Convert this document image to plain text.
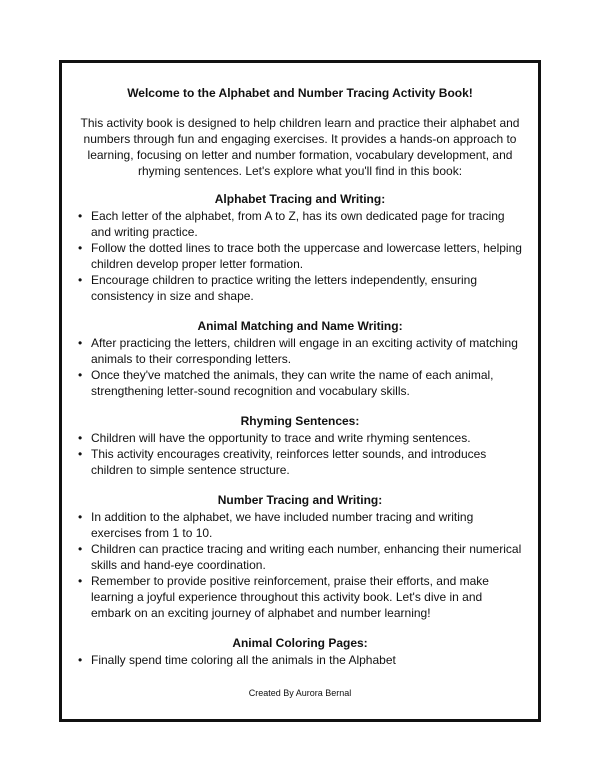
Welcome to the Alphabet and Number Tracing Activity Book!

This activity book is designed to help children learn and practice their alphabet and numbers through fun and engaging exercises. It provides a hands-on approach to learning, focusing on letter and number formation, vocabulary development, and rhyming sentences. Let's explore what you'll find in this book:

Alphabet Tracing and Writing:
• Each letter of the alphabet, from A to Z, has its own dedicated page for tracing and writing practice.
• Follow the dotted lines to trace both the uppercase and lowercase letters, helping children develop proper letter formation.
• Encourage children to practice writing the letters independently, ensuring consistency in size and shape.
Animal Matching and Name Writing:
• After practicing the letters, children will engage in an exciting activity of matching animals to their corresponding letters.
• Once they've matched the animals, they can write the name of each animal, strengthening letter-sound recognition and vocabulary skills.
Rhyming Sentences:
• Children will have the opportunity to trace and write rhyming sentences.
• This activity encourages creativity, reinforces letter sounds, and introduces children to simple sentence structure.
Number Tracing and Writing:
• In addition to the alphabet, we have included number tracing and writing exercises from 1 to 10.
• Children can practice tracing and writing each number, enhancing their numerical skills and hand-eye coordination.
• Remember to provide positive reinforcement, praise their efforts, and make learning a joyful experience throughout this activity book. Let's dive in and embark on an exciting journey of alphabet and number learning!
Animal Coloring Pages:
• Finally spend time coloring all the animals in the Alphabet
Created By Aurora Bernal
